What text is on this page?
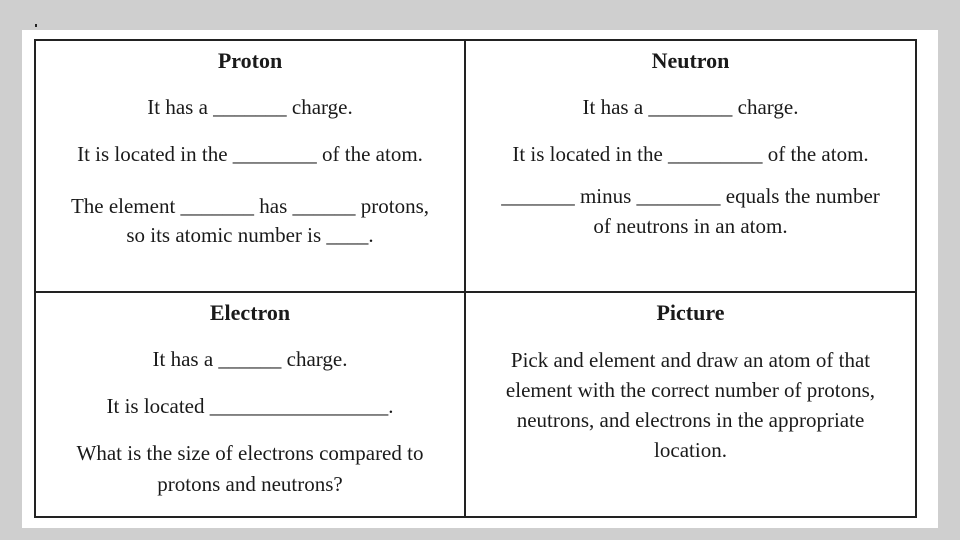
Proton
It has a _______ charge.
It is located in the ________ of the atom.
The element _______ has ______ protons,
so its atomic number is ____.
Neutron
It has a ________ charge.
It is located in the _________ of the atom.
_______ minus ________ equals the number
of neutrons in an atom.
Electron
It has a ______ charge.
It is located _________________.
What is the size of electrons compared to
protons and neutrons?
Picture
Pick and element and draw an atom of that
element with the correct number of protons,
neutrons, and electrons in the appropriate
location.
